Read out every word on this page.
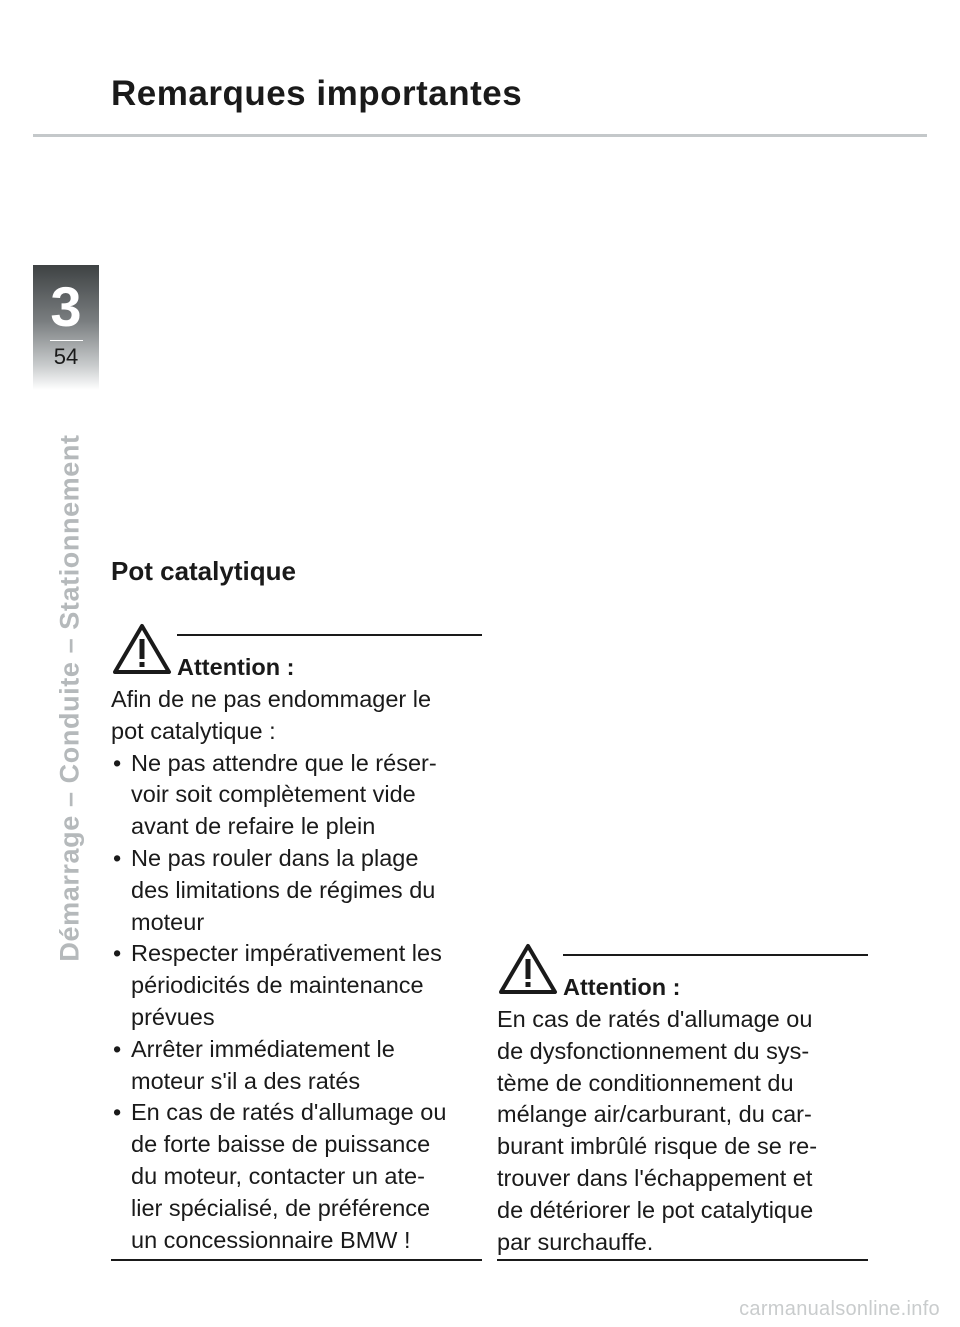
Remarques importantes
3
54
Démarrage – Conduite – Stationnement Pot catalytique
Attention :

Afin de ne pas endommager le
pot catalytique :

• Ne pas attendre que le réser-
voir soit complètement vide
avant de refaire le plein
• Ne pas rouler dans la plage
des limitations de régimes du
moteur
• Respecter impérativement les
périodicités de maintenance
prévues
• Arrêter immédiatement le
moteur s'il a des ratés
• En cas de ratés d'allumage ou
de forte baisse de puissance
du moteur, contacter un ate-
lier spécialisé, de préférence
un concessionnaire BMW !
Attention :

En cas de ratés d'allumage ou
de dysfonctionnement du sys-
tème de conditionnement du
mélange air/carburant, du car-
burant imbrûlé risque de se re-
trouver dans l'échappement et
de détériorer le pot catalytique
par surchauffe.

carmanualsonline.info
